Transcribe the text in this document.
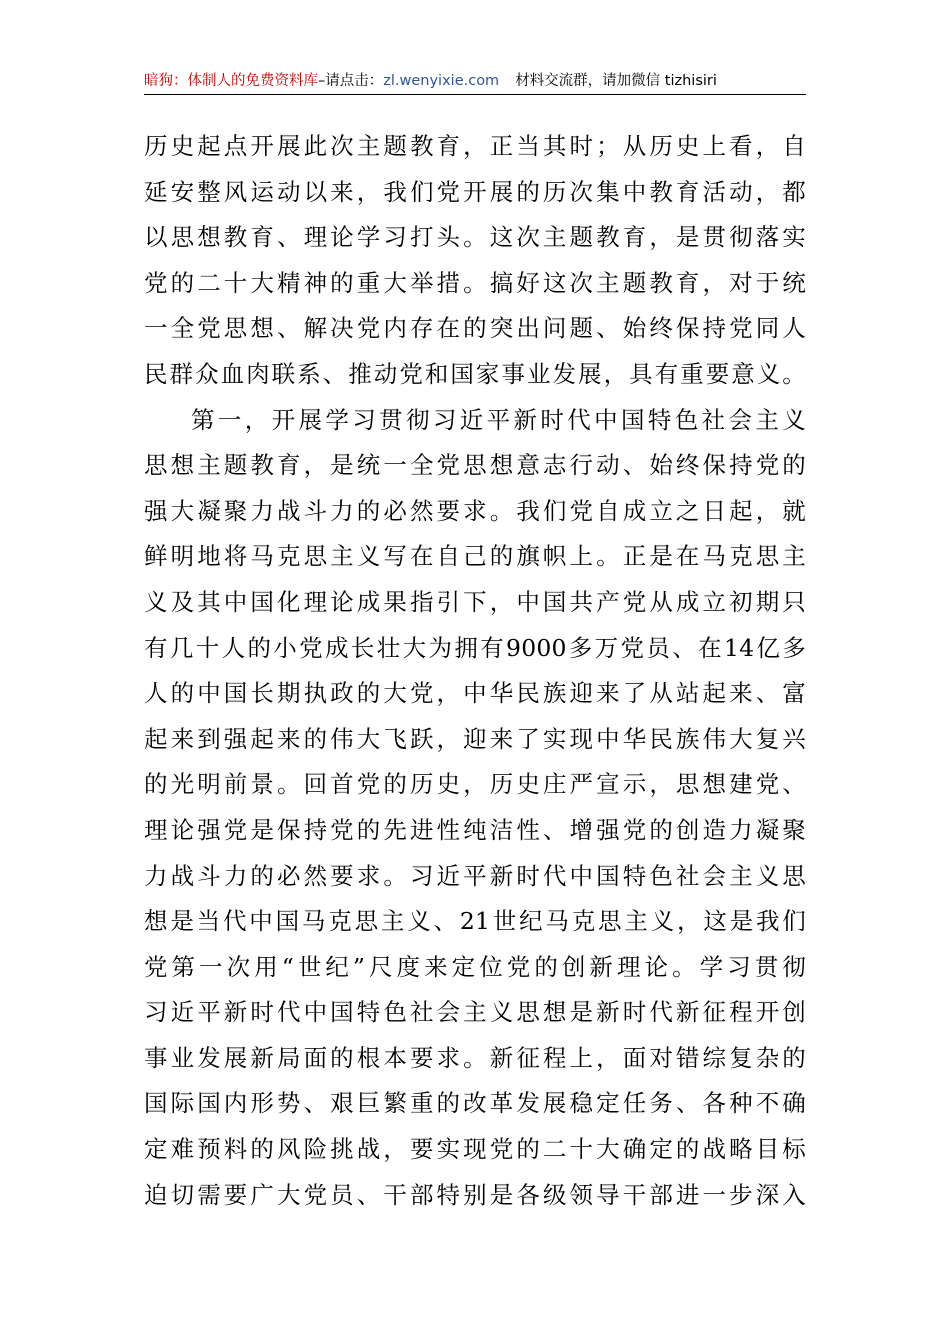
暗狗：体制人的免费资料库–请点击：zl.wenyixie.com 材料交流群，请加微信 tizhisiri
历史起点开展此次主题教育，正当其时；从历史上看，自
延安整风运动以来，我们党开展的历次集中教育活动，都
以思想教育、理论学习打头。这次主题教育，是贯彻落实
党的二十大精神的重大举措。搞好这次主题教育，对于统
一全党思想、解决党内存在的突出问题、始终保持党同人
民群众血肉联系、推动党和国家事业发展，具有重要意义。
第一，开展学习贯彻习近平新时代中国特色社会主义
思想主题教育，是统一全党思想意志行动、始终保持党的
强大凝聚力战斗力的必然要求。我们党自成立之日起，就
鲜明地将马克思主义写在自己的旗帜上。正是在马克思主
义及其中国化理论成果指引下，中国共产党从成立初期只
有几十人的小党成长壮大为拥有9000多万党员、在14亿多
人的中国长期执政的大党，中华民族迎来了从站起来、富
起来到强起来的伟大飞跃，迎来了实现中华民族伟大复兴
的光明前景。回首党的历史，历史庄严宣示，思想建党、
理论强党是保持党的先进性纯洁性、增强党的创造力凝聚
力战斗力的必然要求。习近平新时代中国特色社会主义思
想是当代中国马克思主义、21世纪马克思主义，这是我们
党第一次用“世纪”尺度来定位党的创新理论。学习贯彻
习近平新时代中国特色社会主义思想是新时代新征程开创
事业发展新局面的根本要求。新征程上，面对错综复杂的
国际国内形势、艰巨繁重的改革发展稳定任务、各种不确
定难预料的风险挑战，要实现党的二十大确定的战略目标
迫切需要广大党员、干部特别是各级领导干部进一步深入
